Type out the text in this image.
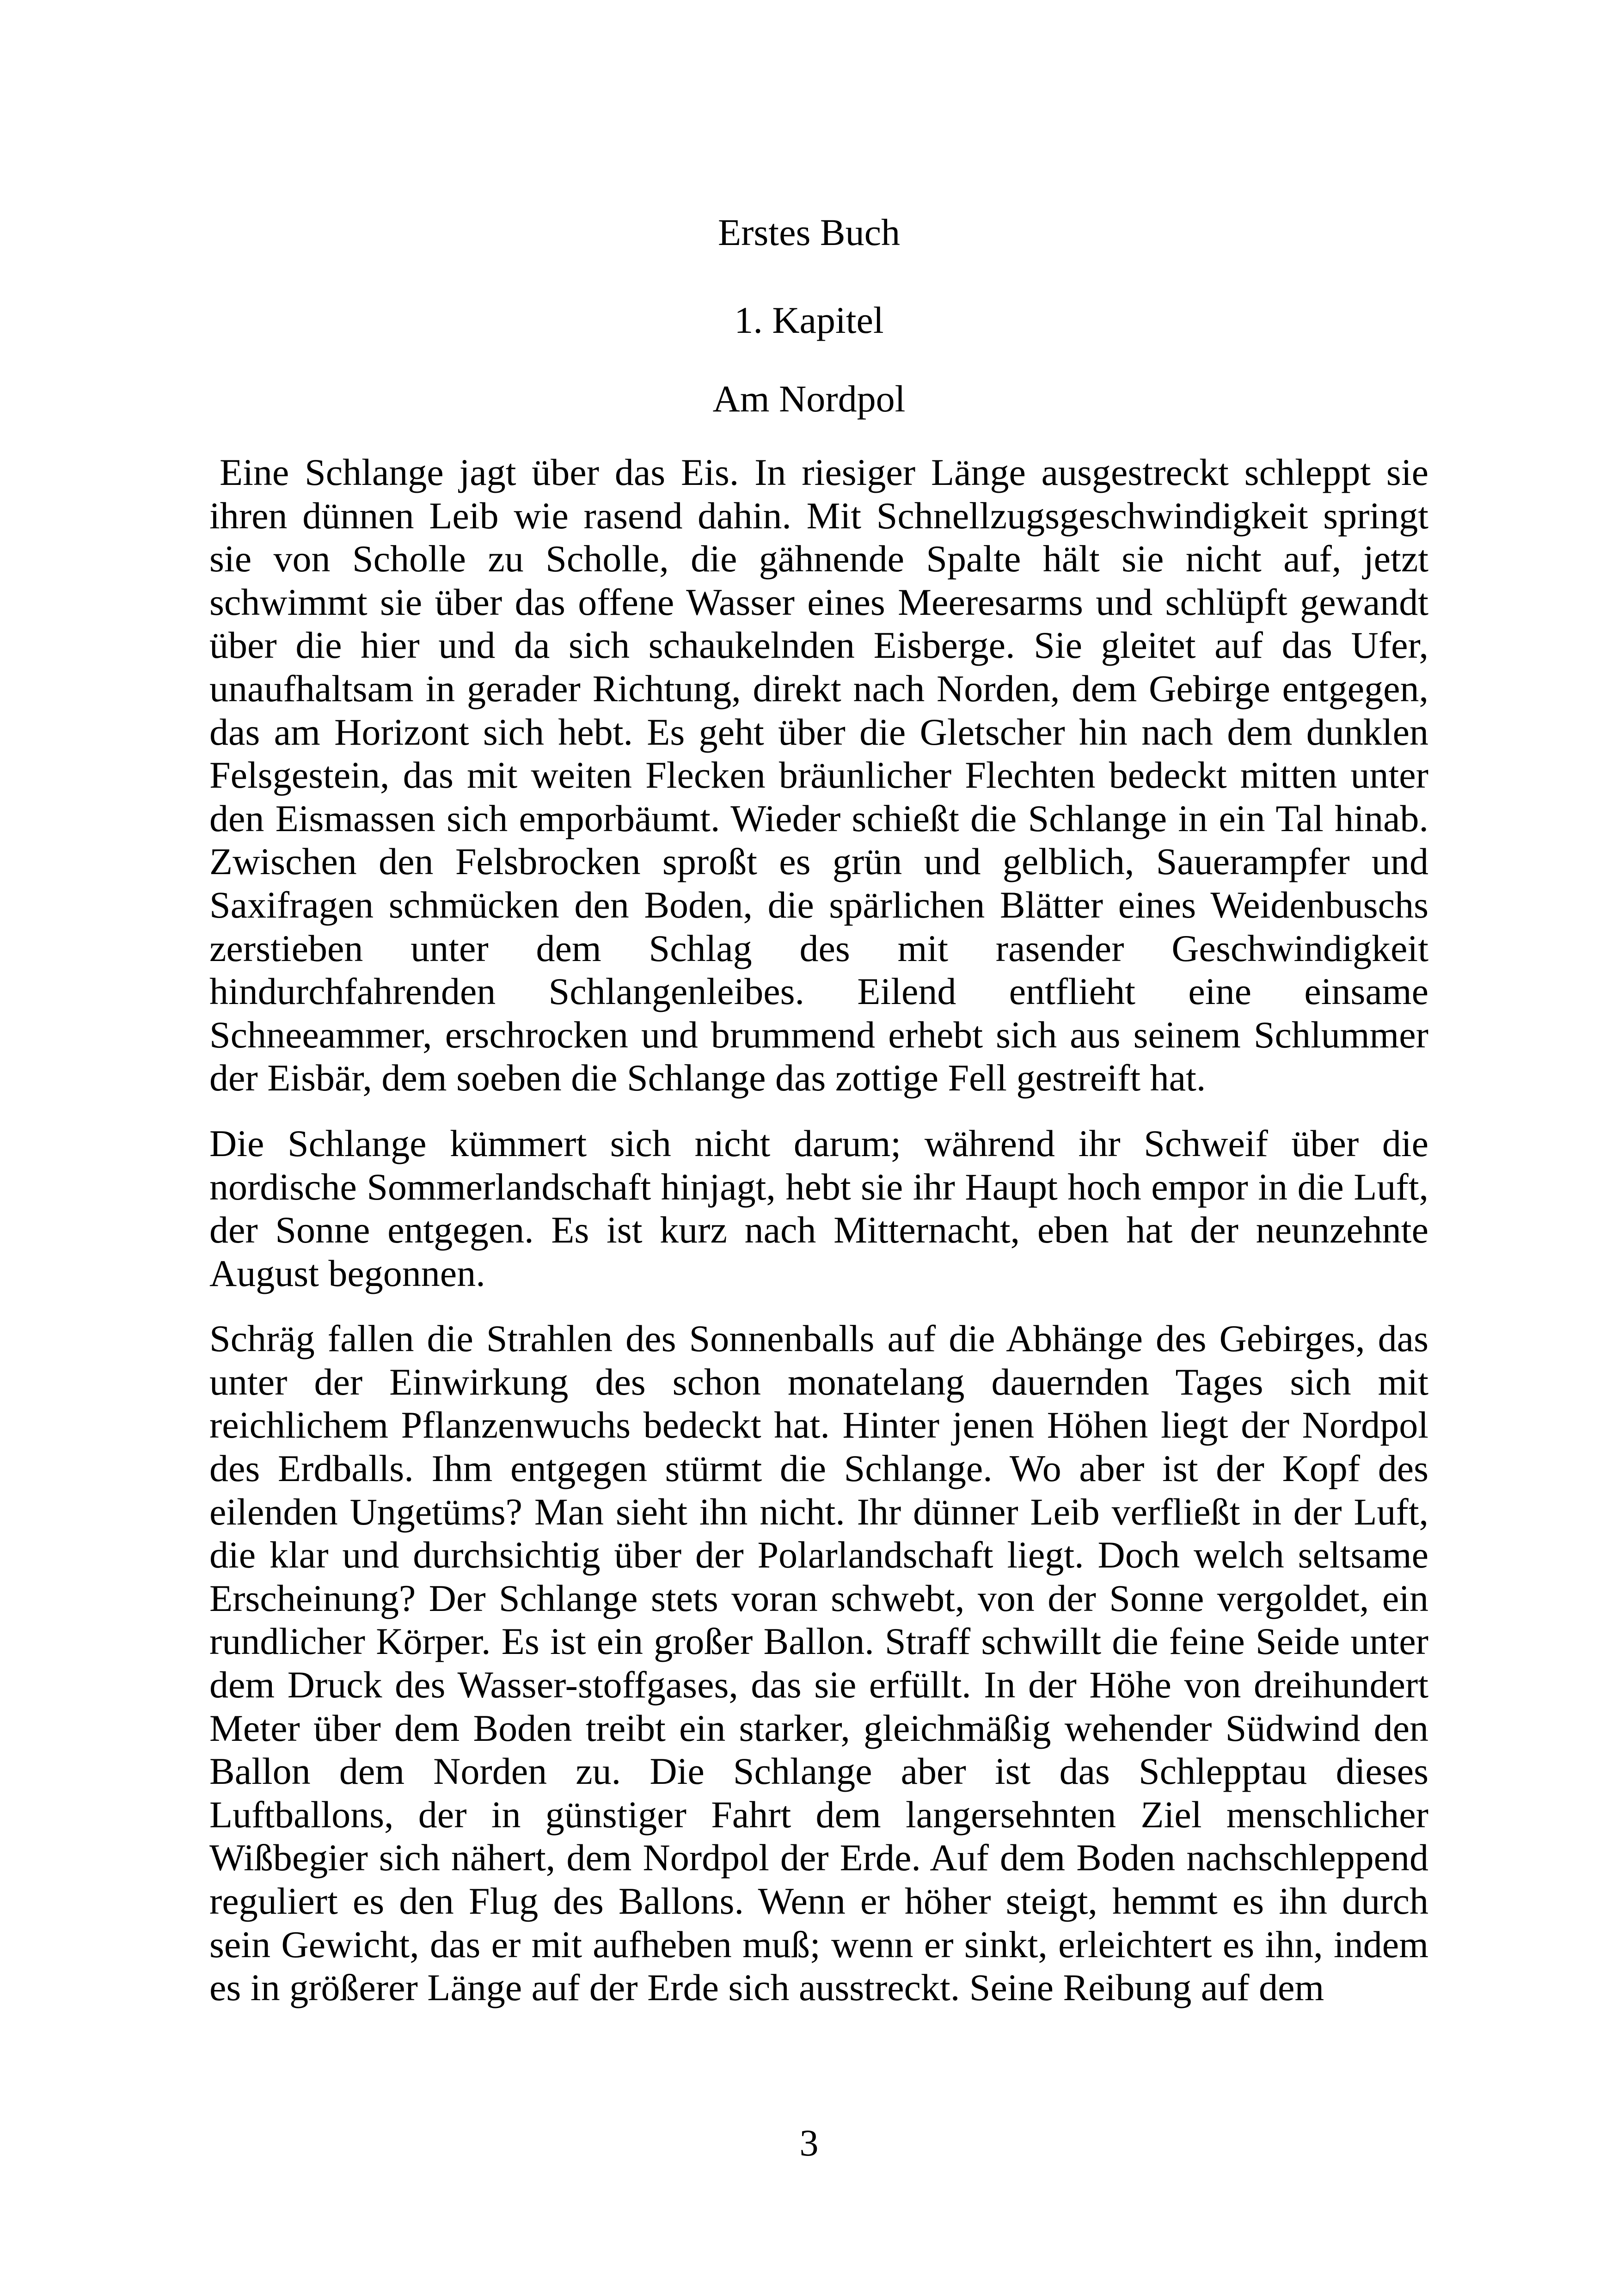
Erstes Buch
1. Kapitel
Am Nordpol

Eine Schlange jagt über das Eis. In riesiger Länge ausgestreckt schleppt sie ihren dünnen Leib wie rasend dahin. Mit Schnellzugsgeschwindigkeit springt sie von Scholle zu Scholle, die gähnende Spalte hält sie nicht auf, jetzt schwimmt sie über das offene Wasser eines Meeresarms und schlüpft gewandt über die hier und da sich schaukelnden Eisberge. Sie gleitet auf das Ufer, unaufhaltsam in gerader Richtung, direkt nach Norden, dem Gebirge entgegen, das am Horizont sich hebt. Es geht über die Gletscher hin nach dem dunklen Felsgestein, das mit weiten Flecken bräunlicher Flechten bedeckt mitten unter den Eismassen sich emporbäumt. Wieder schießt die Schlange in ein Tal hinab. Zwischen den Felsbrocken sproßt es grün und gelblich, Sauerampfer und Saxifragen schmücken den Boden, die spärlichen Blätter eines Weidenbuschs zerstieben unter dem Schlag des mit rasender Geschwindigkeit hindurchfahrenden Schlangenleibes. Eilend entflieht eine einsame Schneeammer, erschrocken und brummend erhebt sich aus seinem Schlummer der Eisbär, dem soeben die Schlange das zottige Fell gestreift hat.

Die Schlange kümmert sich nicht darum; während ihr Schweif über die nordische Sommerlandschaft hinjagt, hebt sie ihr Haupt hoch empor in die Luft, der Sonne entgegen. Es ist kurz nach Mitternacht, eben hat der neunzehnte August begonnen.

Schräg fallen die Strahlen des Sonnenballs auf die Abhänge des Gebirges, das unter der Einwirkung des schon monatelang dauernden Tages sich mit reichlichem Pflanzenwuchs bedeckt hat. Hinter jenen Höhen liegt der Nordpol des Erdballs. Ihm entgegen stürmt die Schlange. Wo aber ist der Kopf des eilenden Ungetüms? Man sieht ihn nicht. Ihr dünner Leib verfließt in der Luft, die klar und durchsichtig über der Polarlandschaft liegt. Doch welch seltsame Erscheinung? Der Schlange stets voran schwebt, von der Sonne vergoldet, ein rundlicher Körper. Es ist ein großer Ballon. Straff schwillt die feine Seide unter dem Druck des Wasser-stoffgases, das sie erfüllt. In der Höhe von dreihundert Meter über dem Boden treibt ein starker, gleichmäßig wehender Südwind den Ballon dem Norden zu. Die Schlange aber ist das Schlepptau dieses Luftballons, der in günstiger Fahrt dem langersehnten Ziel menschlicher Wißbegier sich nähert, dem Nordpol der Erde. Auf dem Boden nachschleppend reguliert es den Flug des Ballons. Wenn er höher steigt, hemmt es ihn durch sein Gewicht, das er mit aufheben muß; wenn er sinkt, erleichtert es ihn, indem es in größerer Länge auf der Erde sich ausstreckt. Seine Reibung auf dem

3
